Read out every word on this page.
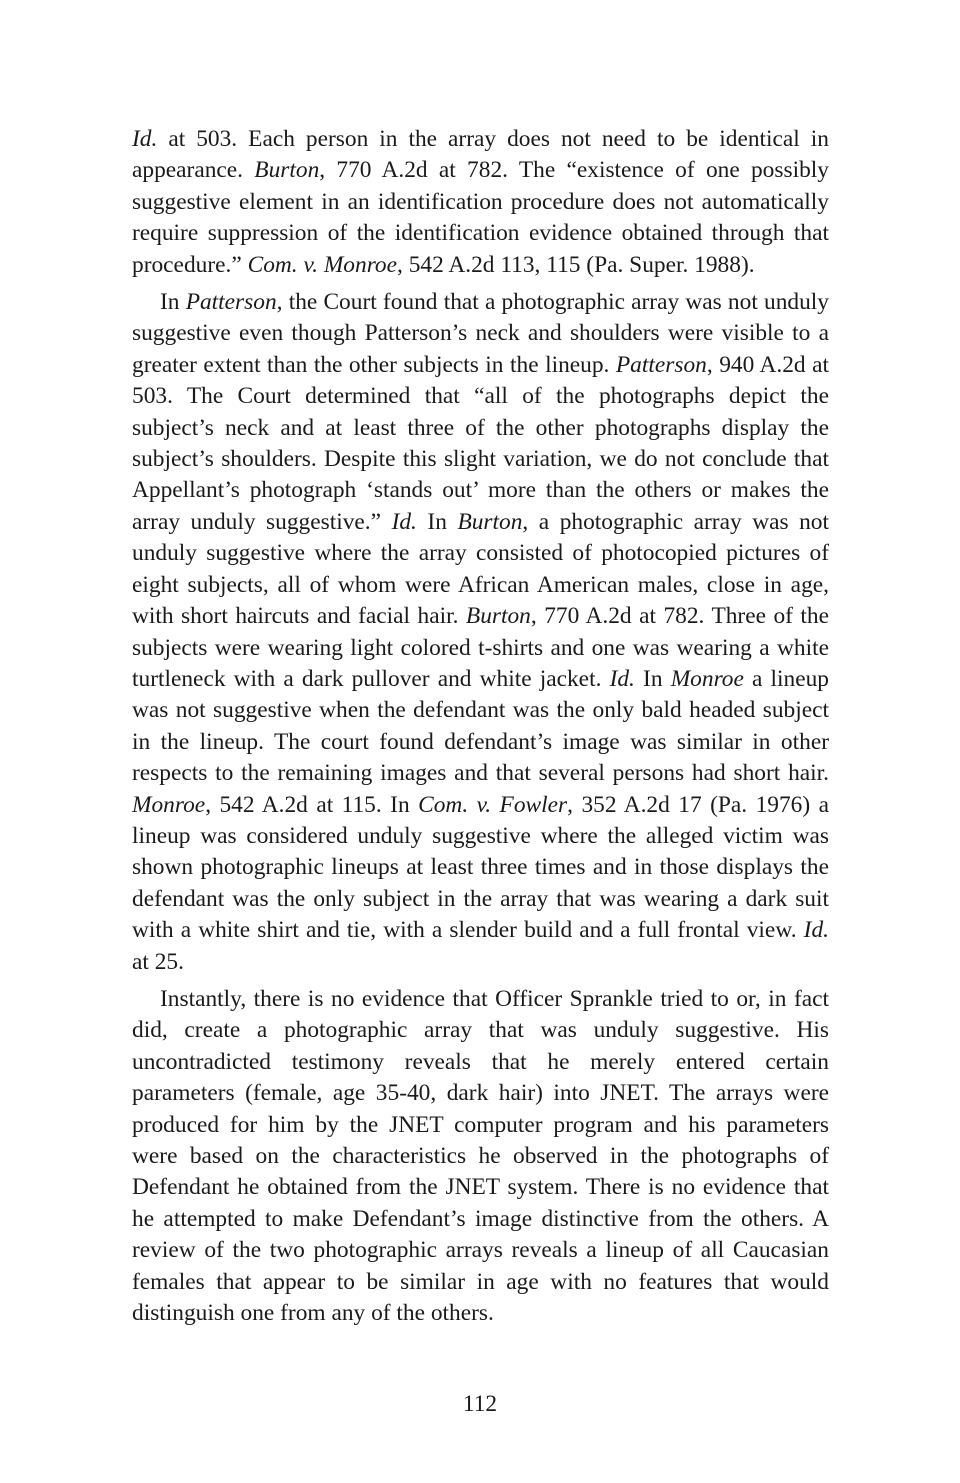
Id. at 503. Each person in the array does not need to be identical in appearance. Burton, 770 A.2d at 782. The “existence of one possibly suggestive element in an identification procedure does not automatically require suppression of the identification evidence obtained through that procedure.” Com. v. Monroe, 542 A.2d 113, 115 (Pa. Super. 1988).

In Patterson, the Court found that a photographic array was not unduly suggestive even though Patterson’s neck and shoulders were visible to a greater extent than the other subjects in the lineup. Patterson, 940 A.2d at 503. The Court determined that “all of the photographs depict the subject’s neck and at least three of the other photographs display the subject’s shoulders. Despite this slight variation, we do not conclude that Appellant’s photograph ‘stands out’ more than the others or makes the array unduly suggestive.” Id. In Burton, a photographic array was not unduly suggestive where the array consisted of photocopied pictures of eight subjects, all of whom were African American males, close in age, with short haircuts and facial hair. Burton, 770 A.2d at 782. Three of the subjects were wearing light colored t-shirts and one was wearing a white turtleneck with a dark pullover and white jacket. Id. In Monroe a lineup was not suggestive when the defendant was the only bald headed subject in the lineup. The court found defendant’s image was similar in other respects to the remaining images and that several persons had short hair. Monroe, 542 A.2d at 115. In Com. v. Fowler, 352 A.2d 17 (Pa. 1976) a lineup was considered unduly suggestive where the alleged victim was shown photographic lineups at least three times and in those displays the defendant was the only subject in the array that was wearing a dark suit with a white shirt and tie, with a slender build and a full frontal view. Id. at 25.

Instantly, there is no evidence that Officer Sprankle tried to or, in fact did, create a photographic array that was unduly suggestive. His uncontradicted testimony reveals that he merely entered certain parameters (female, age 35-40, dark hair) into JNET. The arrays were produced for him by the JNET computer program and his parameters were based on the characteristics he observed in the photographs of Defendant he obtained from the JNET system. There is no evidence that he attempted to make Defendant’s image distinctive from the others. A review of the two photographic arrays reveals a lineup of all Caucasian females that appear to be similar in age with no features that would distinguish one from any of the others.

112
